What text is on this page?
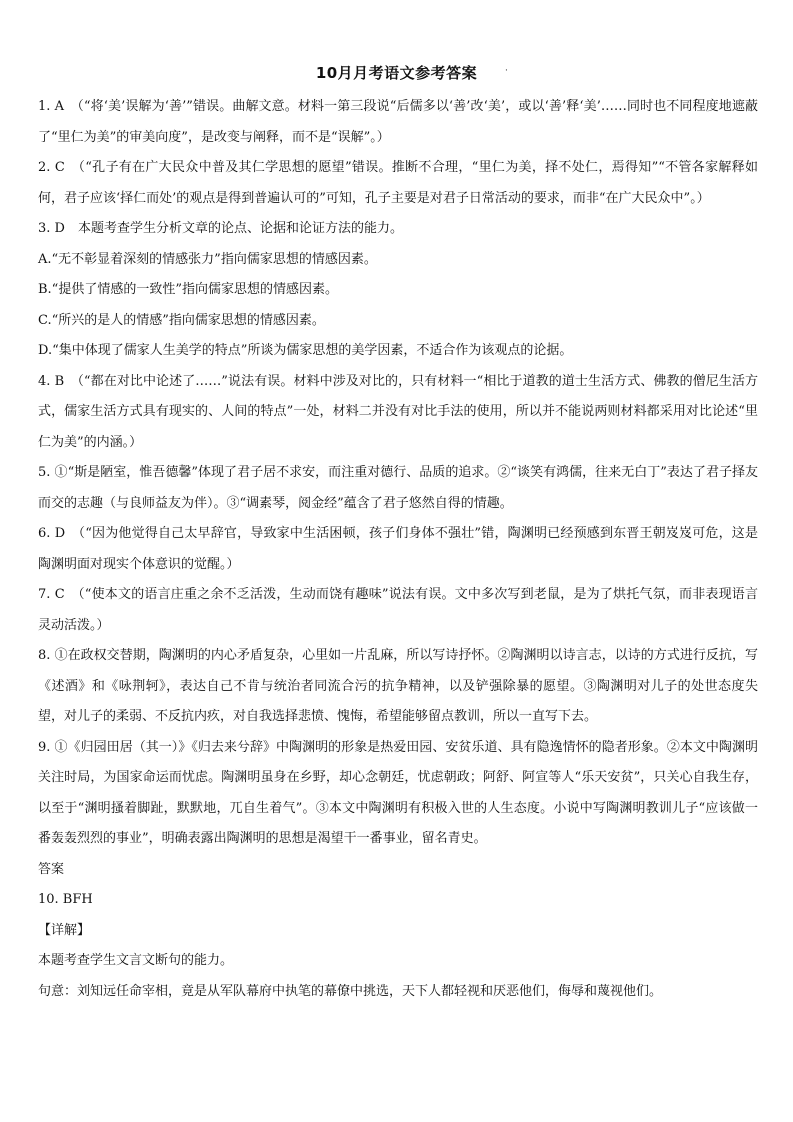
10月月考语文参考答案	·

1. A　（“将‘美’误解为‘善’”错误。曲解文意。材料一第三段说“后儒多以‘善’改‘美’，或以‘善’释‘美’……同时也不同程度地遮蔽了“里仁为美”的审美向度”，是改变与阐释，而不是“误解”。）

2. C　（“孔子有在广大民众中普及其仁学思想的愿望”错误。推断不合理，“里仁为美，择不处仁，焉得知”“不管各家解释如何，君子应该‘择仁而处’的观点是得到普遍认可的”可知，孔子主要是对君子日常活动的要求，而非“在广大民众中”。）

3. D　本题考查学生分析文章的论点、论据和论证方法的能力。

A.“无不彰显着深刻的情感张力”指向儒家思想的情感因素。

B.“提供了情感的一致性”指向儒家思想的情感因素。

C.“所兴的是人的情感”指向儒家思想的情感因素。

D.“集中体现了儒家人生美学的特点”所谈为儒家思想的美学因素，不适合作为该观点的论据。

4. B　（“都在对比中论述了……”说法有误。材料中涉及对比的，只有材料一“相比于道教的道士生活方式、佛教的僧尼生活方式，儒家生活方式具有现实的、人间的特点”一处，材料二并没有对比手法的使用，所以并不能说两则材料都采用对比论述“里仁为美”的内涵。）

5. ①“斯是陋室，惟吾德馨”体现了君子居不求安，而注重对德行、品质的追求。②“谈笑有鸿儒，往来无白丁”表达了君子择友而交的志趣（与良师益友为伴）。③“调素琴，阅金经”蕴含了君子悠然自得的情趣。

6. D　（“因为他觉得自己太早辞官，导致家中生活困顿，孩子们身体不强壮”错，陶渊明已经预感到东晋王朝岌岌可危，这是陶渊明面对现实个体意识的觉醒。）

7. C　（“使本文的语言庄重之余不乏活泼，生动而饶有趣味”说法有误。文中多次写到老鼠，是为了烘托气氛，而非表现语言灵动活泼。）

8. ①在政权交替期，陶渊明的内心矛盾复杂，心里如一片乱麻，所以写诗抒怀。②陶渊明以诗言志，以诗的方式进行反抗，写《述酒》和《咏荆轲》，表达自己不肯与统治者同流合污的抗争精神，以及铲强除暴的愿望。③陶渊明对儿子的处世态度失望，对儿子的柔弱、不反抗内疚，对自我选择悲愤、愧悔，希望能够留点教训，所以一直写下去。

9. ①《归园田居（其一）》《归去来兮辞》中陶渊明的形象是热爱田园、安贫乐道、具有隐逸情怀的隐者形象。②本文中陶渊明关注时局，为国家命运而忧虑。陶渊明虽身在乡野，却心念朝廷，忧虑朝政；阿舒、阿宣等人“乐天安贫”，只关心自我生存，以至于“渊明搔着脚趾，默默地，兀自生着气”。③本文中陶渊明有积极入世的人生态度。小说中写陶渊明教训儿子“应该做一番轰轰烈烈的事业”，明确表露出陶渊明的思想是渴望干一番事业，留名青史。

答案

10. BFH

【详解】

本题考查学生文言文断句的能力。

句意：刘知远任命宰相，竟是从军队幕府中执笔的幕僚中挑选，天下人都轻视和厌恶他们，侮辱和蔑视他们。
